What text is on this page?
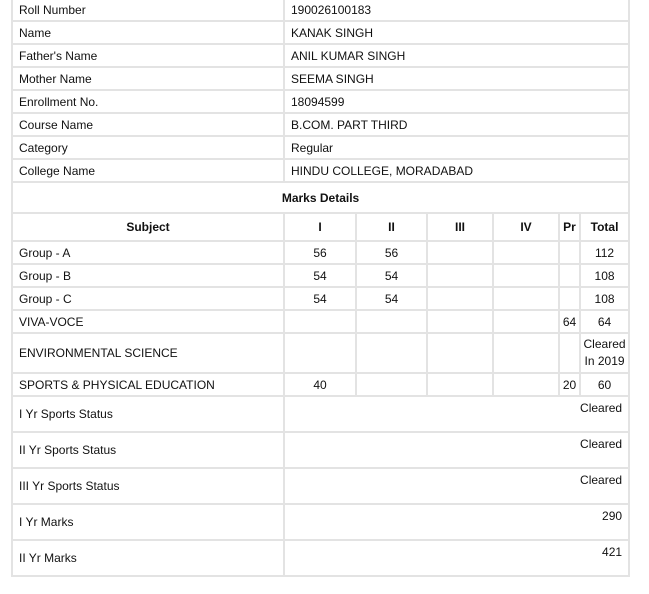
Roll Number	190026100183					
Name	KANAK SINGH					
Father's Name	ANIL KUMAR SINGH					
Mother Name	SEEMA SINGH					
Enrollment No.	18094599					
Course Name	B.COM. PART THIRD					
Category	Regular					
College Name	HINDU COLLEGE, MORADABAD					
Marks Details						
Subject	I	II	III	IV	Pr	Total
Group - A	56	56				112
Group - B	54	54				108
Group - C	54	54				108
VIVA-VOCE					64	64
ENVIRONMENTAL SCIENCE						Cleared In 2019
SPORTS & PHYSICAL EDUCATION	40				20	60
I Yr Sports Status	Cleared					
II Yr Sports Status	Cleared					
III Yr Sports Status	Cleared					
I Yr Marks	290					
II Yr Marks	421					
